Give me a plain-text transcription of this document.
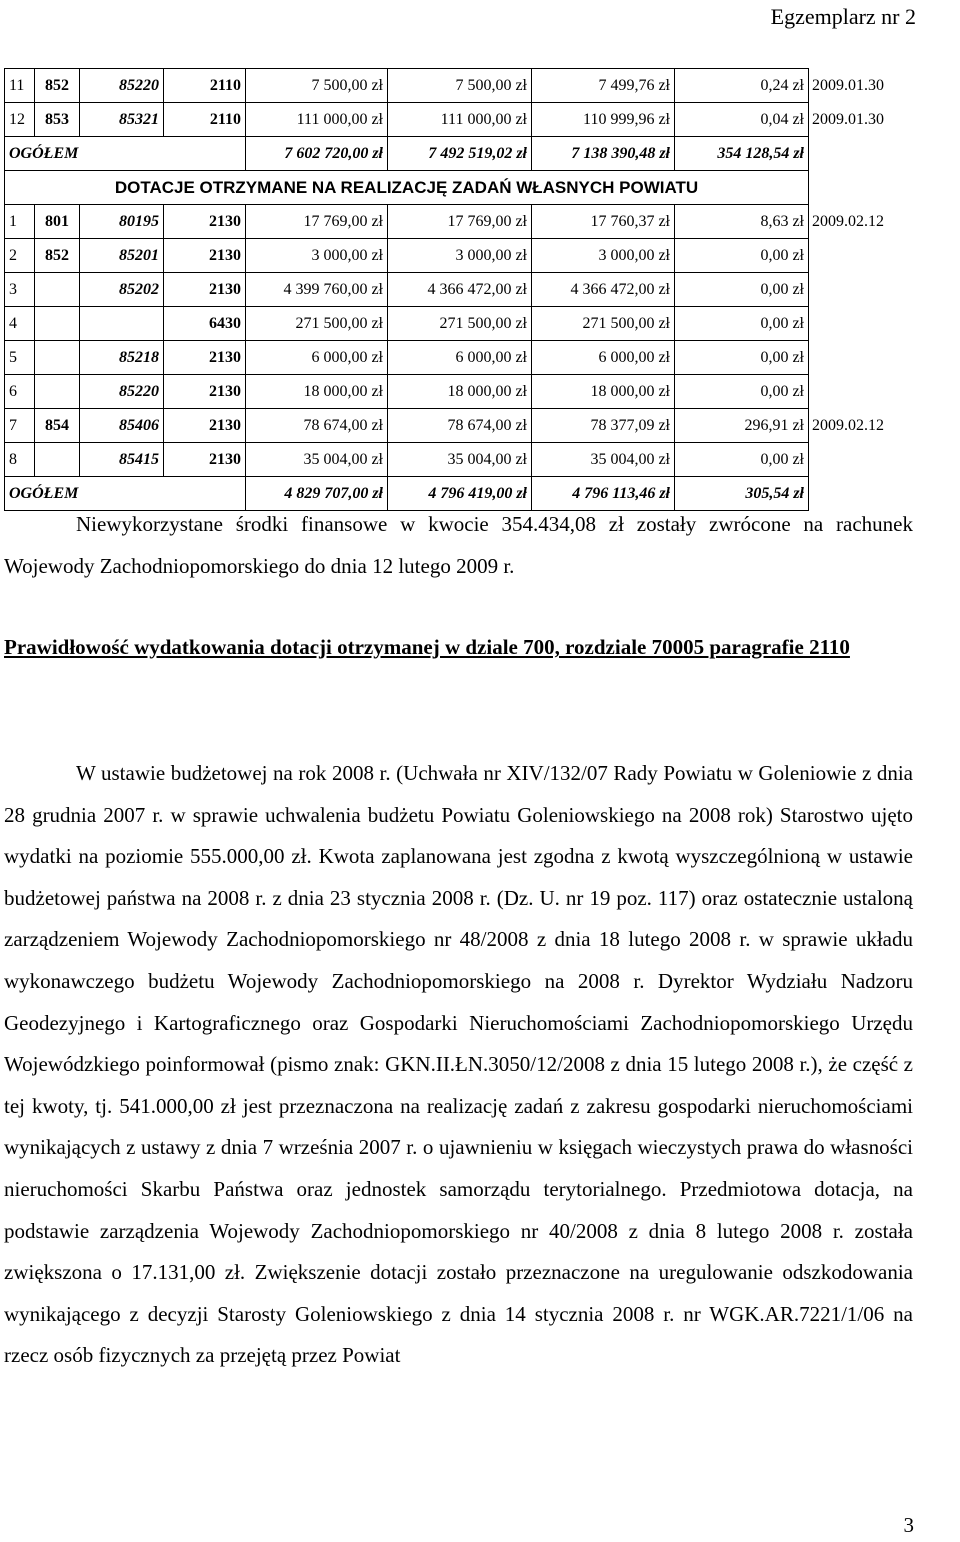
Egzemplarz nr 2
11	852	85220	2110	7 500,00 zł	7 500,00 zł	7 499,76 zł	0,24 zł	2009.01.30
12	853	85321	2110	111 000,00 zł	111 000,00 zł	110 999,96 zł	0,04 zł	2009.01.30
OGÓŁEM				7 602 720,00 zł	7 492 519,02 zł	7 138 390,48 zł	354 128,54 zł	
DOTACJE OTRZYMANE NA REALIZACJĘ ZADAŃ WŁASNYCH POWIATU								
1	801	80195	2130	17 769,00 zł	17 769,00 zł	17 760,37 zł	8,63 zł	2009.02.12
2	852	85201	2130	3 000,00 zł	3 000,00 zł	3 000,00 zł	0,00 zł	
3		85202	2130	4 399 760,00 zł	4 366 472,00 zł	4 366 472,00 zł	0,00 zł	
4			6430	271 500,00 zł	271 500,00 zł	271 500,00 zł	0,00 zł	
5		85218	2130	6 000,00 zł	6 000,00 zł	6 000,00 zł	0,00 zł	
6		85220	2130	18 000,00 zł	18 000,00 zł	18 000,00 zł	0,00 zł	
7	854	85406	2130	78 674,00 zł	78 674,00 zł	78 377,09 zł	296,91 zł	2009.02.12
8		85415	2130	35 004,00 zł	35 004,00 zł	35 004,00 zł	0,00 zł	
OGÓŁEM				4 829 707,00 zł	4 796 419,00 zł	4 796 113,46 zł	305,54 zł	
Niewykorzystane środki finansowe w kwocie 354.434,08 zł zostały zwrócone na rachunek Wojewody Zachodniopomorskiego do dnia 12 lutego 2009 r.
Prawidłowość wydatkowania dotacji otrzymanej w dziale 700, rozdziale 70005 paragrafie 2110
W ustawie budżetowej na rok 2008 r. (Uchwała nr XIV/132/07 Rady Powiatu w Goleniowie z dnia 28 grudnia 2007 r. w sprawie uchwalenia budżetu Powiatu Goleniowskiego na 2008 rok) Starostwo ujęto wydatki na poziomie 555.000,00 zł. Kwota zaplanowana jest zgodna z kwotą wyszczególnioną w ustawie budżetowej państwa na 2008 r. z dnia 23 stycznia 2008 r. (Dz. U. nr 19 poz. 117) oraz ostatecznie ustaloną zarządzeniem Wojewody Zachodniopomorskiego nr 48/2008 z dnia 18 lutego 2008 r. w sprawie układu wykonawczego budżetu Wojewody Zachodniopomorskiego na 2008 r. Dyrektor Wydziału Nadzoru Geodezyjnego i Kartograficznego oraz Gospodarki Nieruchomościami Zachodniopomorskiego Urzędu Wojewódzkiego poinformował (pismo znak: GKN.II.ŁN.3050/12/2008 z dnia 15 lutego 2008 r.), że część z tej kwoty, tj. 541.000,00 zł jest przeznaczona na realizację zadań z zakresu gospodarki nieruchomościami wynikających z ustawy z dnia 7 września 2007 r. o ujawnieniu w księgach wieczystych prawa do własności nieruchomości Skarbu Państwa oraz jednostek samorządu terytorialnego. Przedmiotowa dotacja, na podstawie zarządzenia Wojewody Zachodniopomorskiego nr 40/2008 z dnia 8 lutego 2008 r. została zwiększona o 17.131,00 zł. Zwiększenie dotacji zostało przeznaczone na uregulowanie odszkodowania wynikającego z decyzji Starosty Goleniowskiego z dnia 14 stycznia 2008 r. nr WGK.AR.7221/1/06 na rzecz osób fizycznych za przejętą przez Powiat
3
